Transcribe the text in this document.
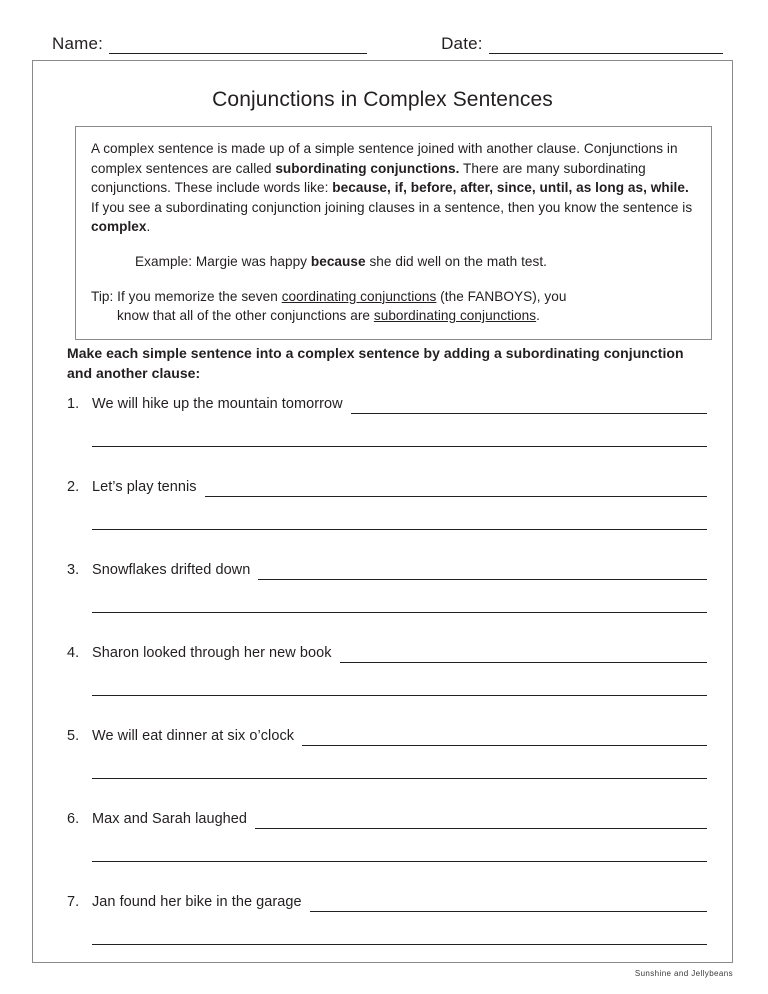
Name:	Date:
Conjunctions in Complex Sentences

A complex sentence is made up of a simple sentence joined with another clause. Conjunctions in complex sentences are called subordinating conjunctions. There are many subordinating conjunctions. These include words like: because, if, before, after, since, until, as long as, while. If you see a subordinating conjunction joining clauses in a sentence, then you know the sentence is complex.

Example: Margie was happy because she did well on the math test.

Tip: If you memorize the seven coordinating conjunctions (the FANBOYS), you
know that all of the other conjunctions are subordinating conjunctions.

Make each simple sentence into a complex sentence by adding a subordinating conjunction and another clause:
1. We will hike up the mountain tomorrow
2. Let’s play tennis
3. Snowflakes drifted down
4. Sharon looked through her new book
5. We will eat dinner at six o’clock
6. Max and Sarah laughed
7. Jan found her bike in the garage
Sunshine and Jellybeans
